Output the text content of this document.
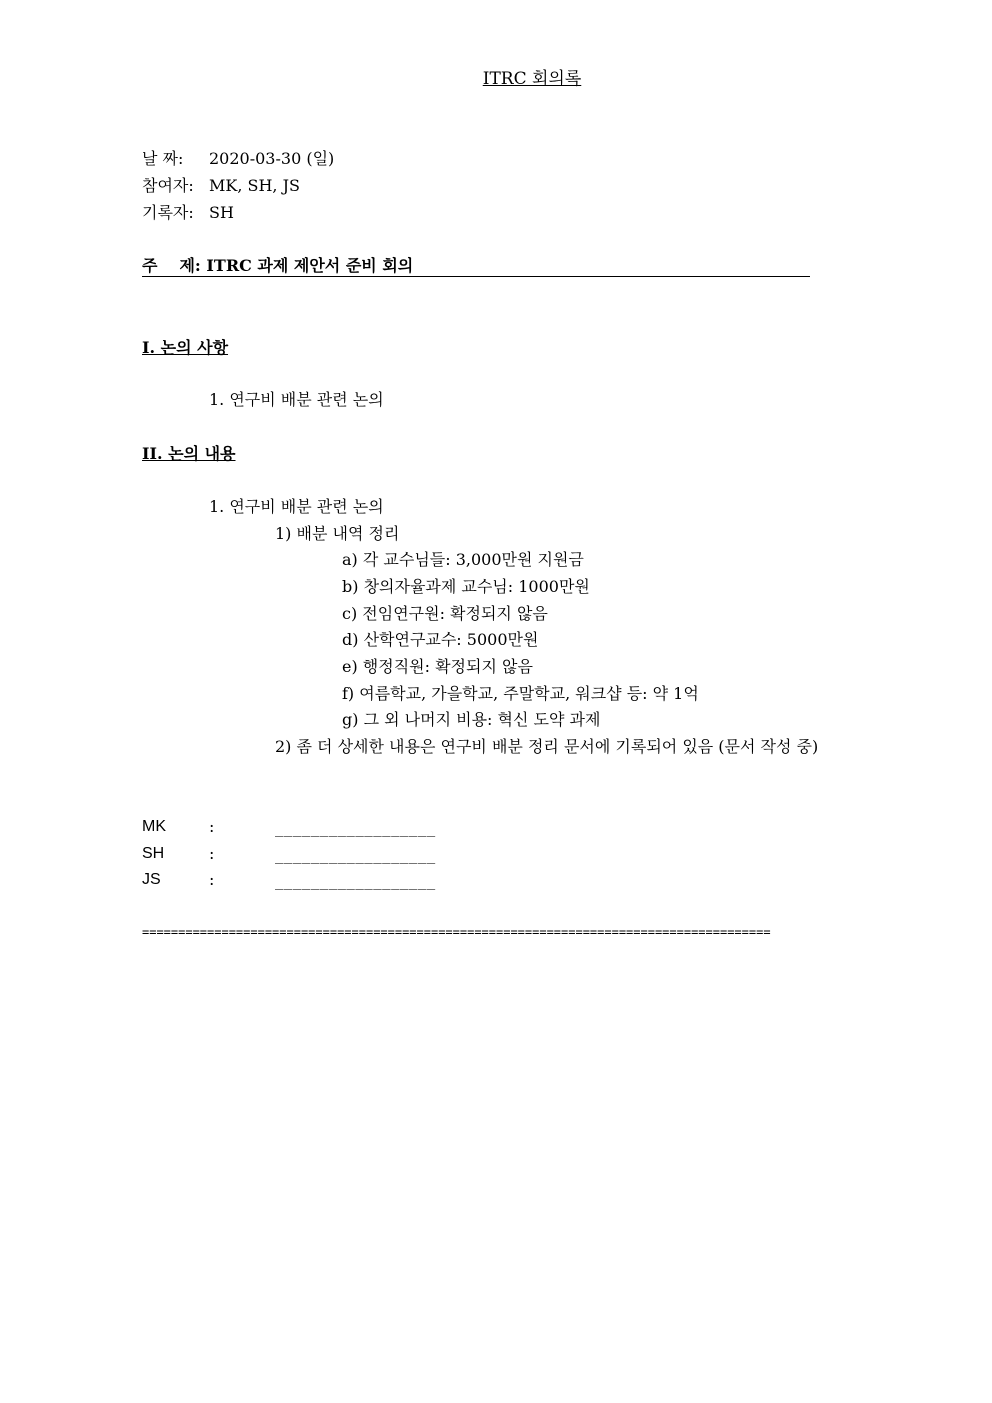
ITRC 회의록
날 짜: 2020-03-30 (일)
참여자: MK, SH, JS
기록자: SH
주 제: ITRC 과제 제안서 준비 회의
I. 논의 사항
1. 연구비 배분 관련 논의
II. 논의 내용
1. 연구비 배분 관련 논의
1) 배분 내역 정리
a) 각 교수님들: 3,000만원 지원금
b) 창의자율과제 교수님: 1000만원
c) 전임연구원: 확정되지 않음
d) 산학연구교수: 5000만원
e) 행정직원: 확정되지 않음
f) 여름학교, 가을학교, 주말학교, 워크샵 등: 약 1억
g) 그 외 나머지 비용: 혁신 도약 과제
2) 좀 더 상세한 내용은 연구비 배분 정리 문서에 기록되어 있음 (문서 작성 중)
MK	:	__________________
SH	:	__________________
JS	:	__________________
=======================================================================================
